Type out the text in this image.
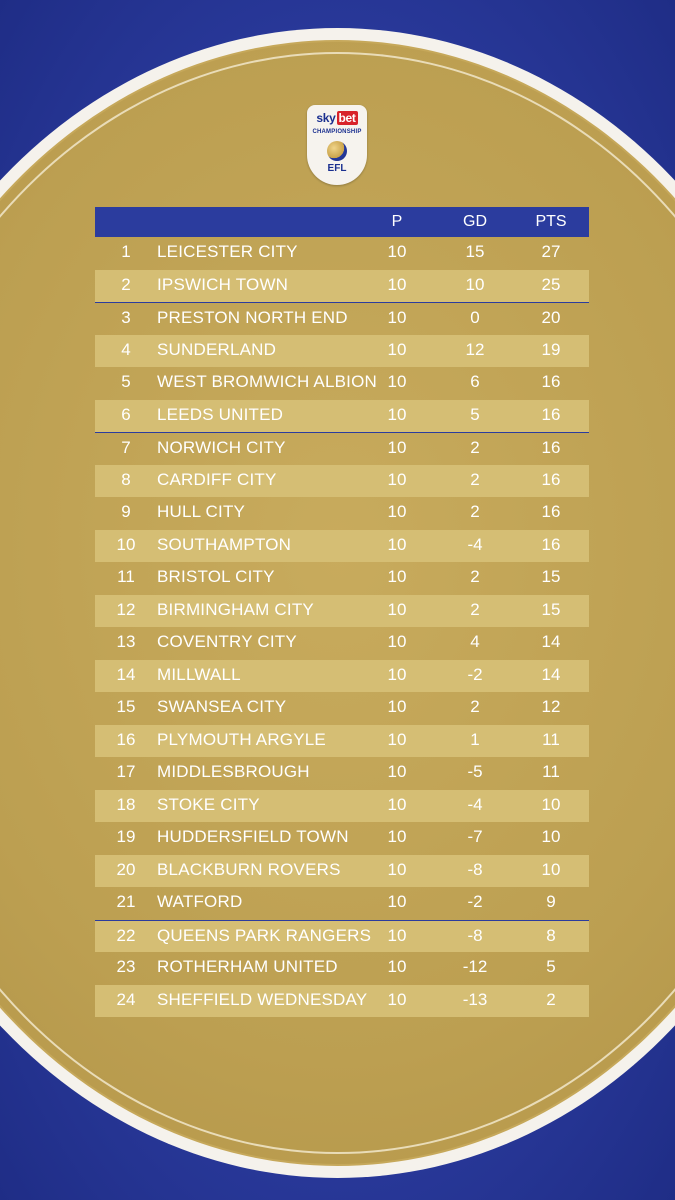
sky bet
CHAMPIONSHIP
EFL
P	GD	PTS
1 LEICESTER CITY	10	15	27
2 IPSWICH TOWN	10	10	25
3 PRESTON NORTH END 10	0	20
4 SUNDERLAND	10	12	19
5 WEST BROMWICH ALBION 10	6	16
6 LEEDS UNITED	10	5	16
7 NORWICH CITY	10	2	16
8 CARDIFF CITY	10	2	16
9 HULL CITY	10	2	16
10 SOUTHAMPTON	10	-4	16
11 BRISTOL CITY	10	2	15
12 BIRMINGHAM CITY	10	2	15
13 COVENTRY CITY	10	4	14
14 MILLWALL	10	-2	14
15 SWANSEA CITY	10	2	12
16 PLYMOUTH ARGYLE	10	1	11
17 MIDDLESBROUGH	10	-5	11
18 STOKE CITY	10	-4	10
19 HUDDERSFIELD TOWN 10	-7	10
20 BLACKBURN ROVERS	10	-8	10
21 WATFORD	10	-2	9
22 QUEENS PARK RANGERS 10	-8	8
23 ROTHERHAM UNITED	10	-12	5
24 SHEFFIELD WEDNESDAY 10	-13	2
